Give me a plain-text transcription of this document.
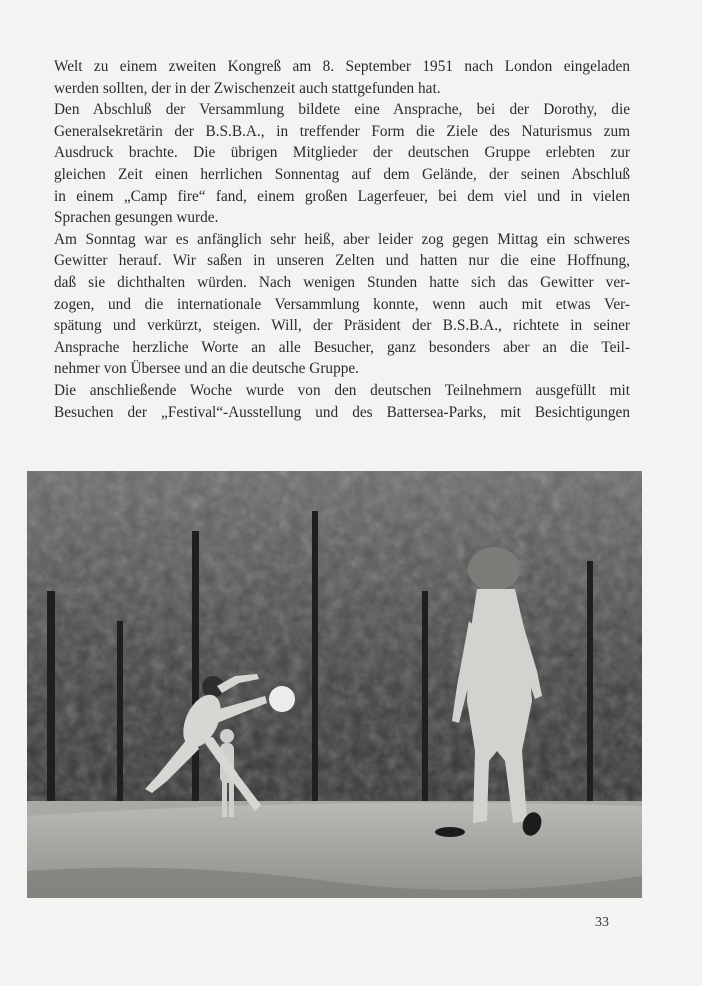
Welt zu einem zweiten Kongreß am 8. September 1951 nach London eingeladen
werden sollten, der in der Zwischenzeit auch stattgefunden hat.
Den Abschluß der Versammlung bildete eine Ansprache, bei der Dorothy, die
Generalsekretärin der B.S.B.A., in treffender Form die Ziele des Naturismus zum
Ausdruck brachte. Die übrigen Mitglieder der deutschen Gruppe erlebten zur
gleichen Zeit einen herrlichen Sonnentag auf dem Gelände, der seinen Abschluß
in einem „Camp fire“ fand, einem großen Lagerfeuer, bei dem viel und in vielen
Sprachen gesungen wurde.
Am Sonntag war es anfänglich sehr heiß, aber leider zog gegen Mittag ein schweres
Gewitter herauf. Wir saßen in unseren Zelten und hatten nur die eine Hoffnung,
daß sie dichthalten würden. Nach wenigen Stunden hatte sich das Gewitter ver-
zogen, und die internationale Versammlung konnte, wenn auch mit etwas Ver-
spätung und verkürzt, steigen. Will, der Präsident der B.S.B.A., richtete in seiner
Ansprache herzliche Worte an alle Besucher, ganz besonders aber an die Teil-
nehmer von Übersee und an die deutsche Gruppe.
Die anschließende Woche wurde von den deutschen Teilnehmern ausgefüllt mit
Besuchen der „Festival“-Ausstellung und des Battersea-Parks, mit Besichtigungen
33
